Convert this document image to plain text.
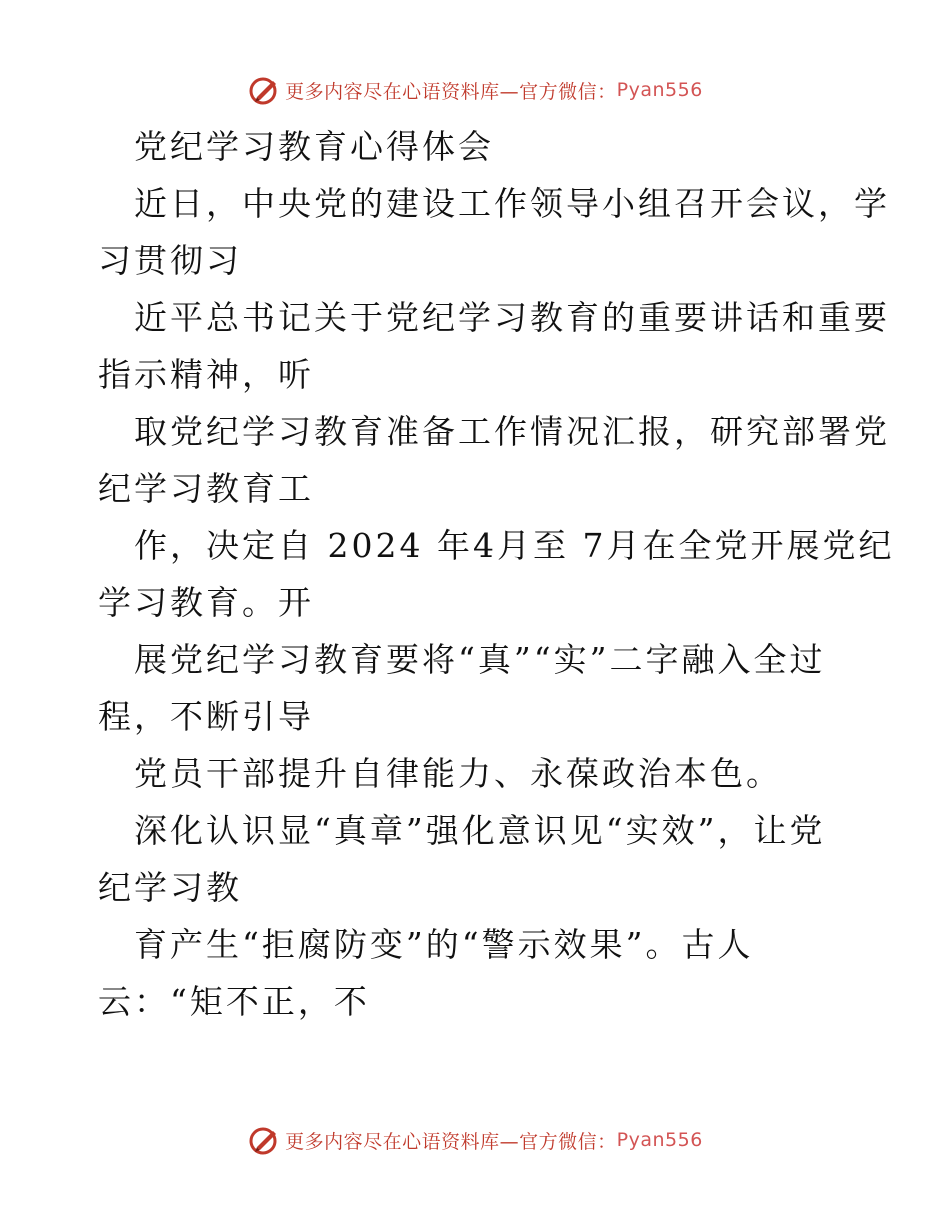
更多内容尽在心语资料库—官方微信： Pyan556
党纪学习教育心得体会
近日，中央党的建设工作领导小组召开会议，学
习贯彻习
近平总书记关于党纪学习教育的重要讲话和重要
指示精神，听
取党纪学习教育准备工作情况汇报，研究部署党
纪学习教育工
作，决定自 2024 年4月至 7月在全党开展党纪
学习教育。开
展党纪学习教育要将“真”“实”二字融入全过
程，不断引导
党员干部提升自律能力、永葆政治本色。
深化认识显“真章”强化意识见“实效”，让党
纪学习教
育产生“拒腐防变”的“警示效果”。古人
云：“矩不正，不
更多内容尽在心语资料库—官方微信： Pyan556
